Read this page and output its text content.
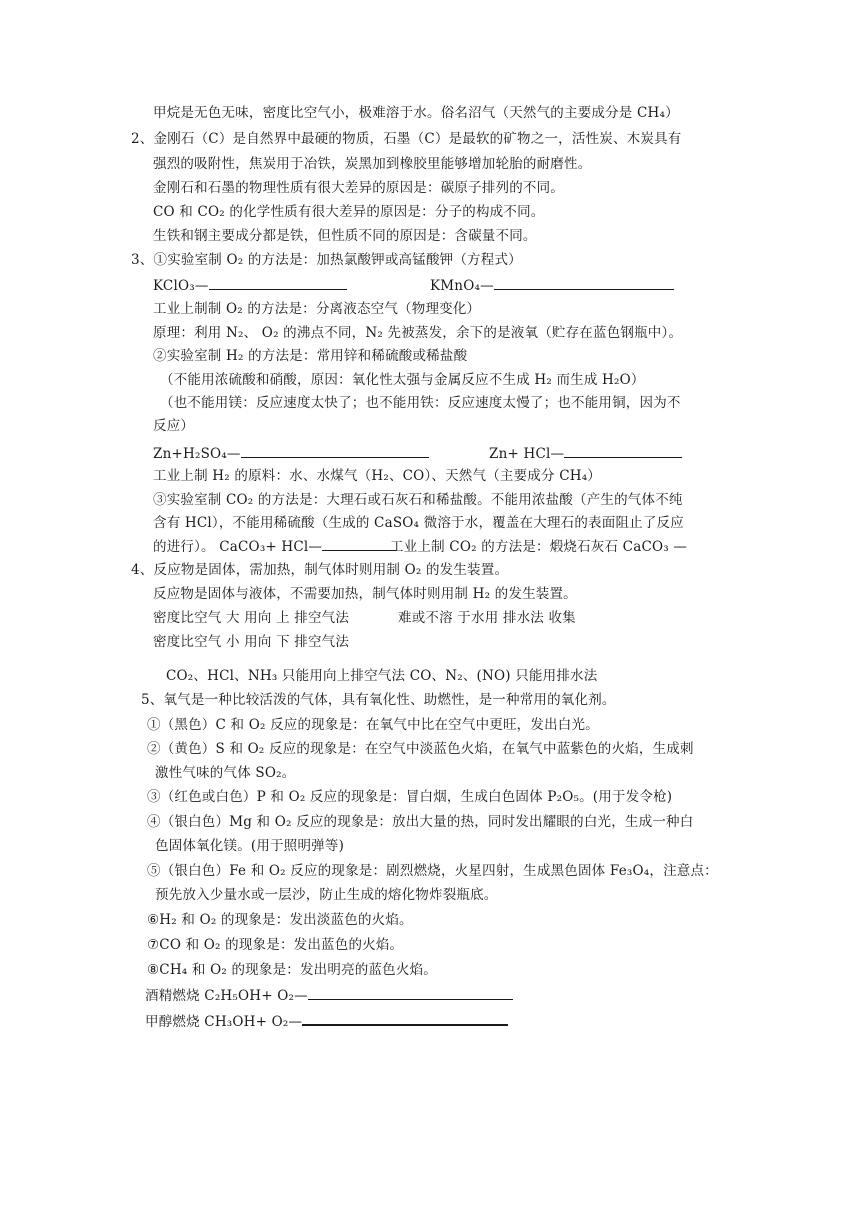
甲烷是无色无味，密度比空气小，极难溶于水。俗名沼气（天然气的主要成分是 CH₄）
2、金刚石（C）是自然界中最硬的物质，石墨（C）是最软的矿物之一，活性炭、木炭具有
强烈的吸附性，焦炭用于冶铁，炭黑加到橡胶里能够增加轮胎的耐磨性。
金刚石和石墨的物理性质有很大差异的原因是：碳原子排列的不同。
CO 和 CO₂ 的化学性质有很大差异的原因是：分子的构成不同。
生铁和钢主要成分都是铁，但性质不同的原因是：含碳量不同。
3、①实验室制 O₂ 的方法是：加热氯酸钾或高锰酸钾（方程式）
KClO₃—	KMnO₄—
工业上制制 O₂ 的方法是：分离液态空气（物理变化）
原理：利用 N₂、 O₂ 的沸点不同，N₂ 先被蒸发，余下的是液氧（贮存在蓝色钢瓶中）。
②实验室制 H₂ 的方法是：常用锌和稀硫酸或稀盐酸
（不能用浓硫酸和硝酸，原因：氧化性太强与金属反应不生成 H₂ 而生成 H₂O）
（也不能用镁：反应速度太快了；也不能用铁：反应速度太慢了；也不能用铜，因为不
反应）
Zn+H₂SO₄—	Zn+ HCl—
工业上制 H₂ 的原料：水、水煤气（H₂、CO）、天然气（主要成分 CH₄）
③实验室制 CO₂ 的方法是：大理石或石灰石和稀盐酸。不能用浓盐酸（产生的气体不纯
含有 HCl），不能用稀硫酸（生成的 CaSO₄ 微溶于水，覆盖在大理石的表面阻止了反应
的进行）。 CaCO₃+ HCl—	工业上制 CO₂ 的方法是：煅烧石灰石 CaCO₃ —
4、反应物是固体，需加热，制气体时则用制 O₂ 的发生装置。
反应物是固体与液体，不需要加热，制气体时则用制 H₂ 的发生装置。
密度比空气 大 用向 上 排空气法	难或不溶 于水用 排水法 收集
密度比空气 小 用向 下 排空气法
CO₂、HCl、NH₃ 只能用向上排空气法 CO、N₂、(NO) 只能用排水法
5、氧气是一种比较活泼的气体，具有氧化性、助燃性，是一种常用的氧化剂。
①（黑色）C 和 O₂ 反应的现象是：在氧气中比在空气中更旺，发出白光。
②（黄色）S 和 O₂ 反应的现象是：在空气中淡蓝色火焰，在氧气中蓝紫色的火焰，生成刺
激性气味的气体 SO₂。
③（红色或白色）P 和 O₂ 反应的现象是：冒白烟，生成白色固体 P₂O₅。(用于发令枪)
④（银白色）Mg 和 O₂ 反应的现象是：放出大量的热，同时发出耀眼的白光，生成一种白
色固体氧化镁。(用于照明弹等)
⑤（银白色）Fe 和 O₂ 反应的现象是：剧烈燃烧，火星四射，生成黑色固体 Fe₃O₄，注意点：
预先放入少量水或一层沙，防止生成的熔化物炸裂瓶底。
⑥H₂ 和 O₂ 的现象是：发出淡蓝色的火焰。
⑦CO 和 O₂ 的现象是：发出蓝色的火焰。
⑧CH₄ 和 O₂ 的现象是：发出明亮的蓝色火焰。
酒精燃烧 C₂H₅OH+ O₂—
甲醇燃烧 CH₃OH+ O₂—
